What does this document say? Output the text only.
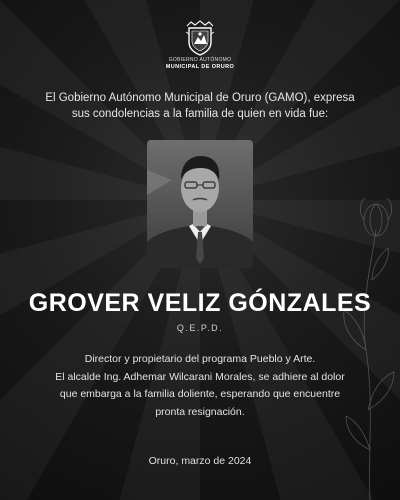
GOBIERNO AUTÓNOMO
MUNICIPAL DE ORURO
El Gobierno Autónomo Municipal de Oruro (GAMO), expresa
sus condolencias a la familia de quien en vida fue:
GROVER VELIZ GÓNZALES
Q.E.P.D.
Director y propietario del programa Pueblo y Arte.
El alcalde Ing. Adhemar Wilcarani Morales, se adhiere al dolor
que embarga a la familia doliente, esperando que encuentre
pronta resignación.
Oruro, marzo de 2024
